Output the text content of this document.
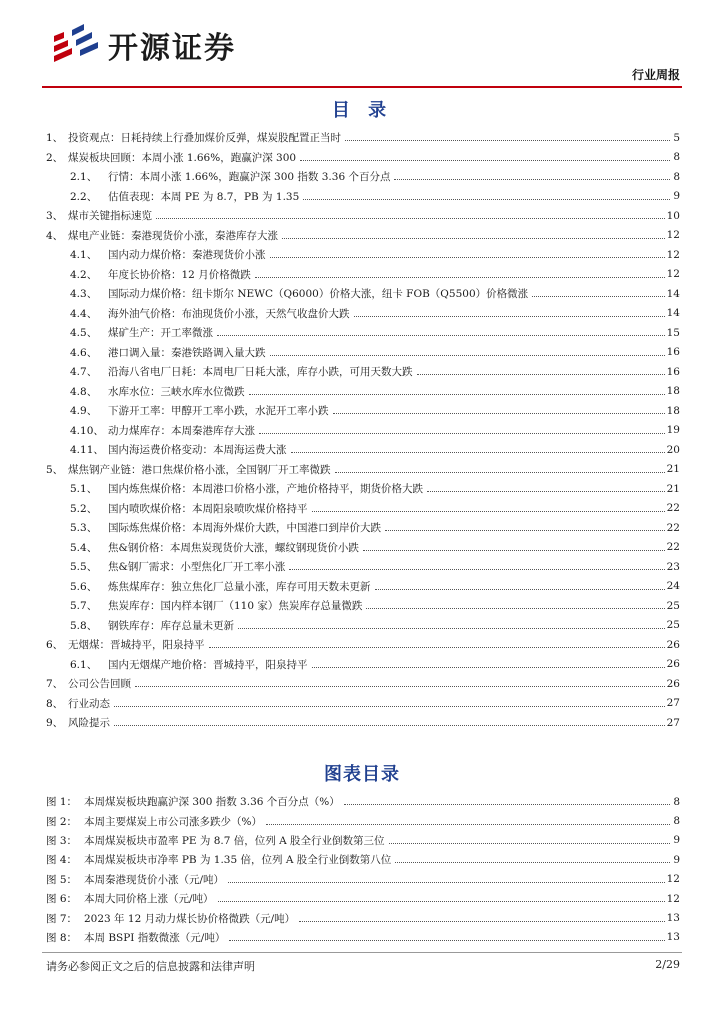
开源证券
行业周报
目 录
1、 投资观点：日耗持续上行叠加煤价反弹，煤炭股配置正当时	5
2、 煤炭板块回顾：本周小涨 1.66%，跑赢沪深 300	8
2.1、	行情：本周小涨 1.66%，跑赢沪深 300 指数 3.36 个百分点	8
2.2、	估值表现：本周 PE 为 8.7，PB 为 1.35	9
3、 煤市关键指标速览	10
4、 煤电产业链：秦港现货价小涨，秦港库存大涨	12
4.1、	国内动力煤价格：秦港现货价小涨	12
4.2、	年度长协价格：12 月价格微跌	12
4.3、	国际动力煤价格：纽卡斯尔 NEWC（Q6000）价格大涨，纽卡 FOB（Q5500）价格微涨	14
4.4、	海外油气价格：布油现货价小涨，天然气收盘价大跌	14
4.5、	煤矿生产：开工率微涨	15
4.6、	港口调入量：秦港铁路调入量大跌	16
4.7、	沿海八省电厂日耗：本周电厂日耗大涨，库存小跌，可用天数大跌	16
4.8、	水库水位：三峡水库水位微跌	18
4.9、	下游开工率：甲醇开工率小跌，水泥开工率小跌	18
4.10、 动力煤库存：本周秦港库存大涨	19
4.11、 国内海运费价格变动：本周海运费大涨	20
5、 煤焦钢产业链：港口焦煤价格小涨，全国钢厂开工率微跌	21
5.1、	国内炼焦煤价格：本周港口价格小涨，产地价格持平，期货价格大跌	21
5.2、	国内喷吹煤价格：本周阳泉喷吹煤价格持平	22
5.3、	国际炼焦煤价格：本周海外煤价大跌，中国港口到岸价大跌	22
5.4、	焦&钢价格：本周焦炭现货价大涨，螺纹钢现货价小跌	22
5.5、	焦&钢厂需求：小型焦化厂开工率小涨	23
5.6、	炼焦煤库存：独立焦化厂总量小涨，库存可用天数未更新	24
5.7、	焦炭库存：国内样本钢厂（110 家）焦炭库存总量微跌	25
5.8、	钢铁库存：库存总量未更新	25
6、 无烟煤：晋城持平，阳泉持平	26
6.1、	国内无烟煤产地价格：晋城持平，阳泉持平	26
7、 公司公告回顾	26
8、 行业动态	27
9、 风险提示	27
图表目录
图 1： 本周煤炭板块跑赢沪深 300 指数 3.36 个百分点（%）	8
图 2： 本周主要煤炭上市公司涨多跌少（%）	8
图 3： 本周煤炭板块市盈率 PE 为 8.7 倍，位列 A 股全行业倒数第三位	9
图 4： 本周煤炭板块市净率 PB 为 1.35 倍，位列 A 股全行业倒数第八位	9
图 5： 本周秦港现货价小涨（元/吨）	12
图 6： 本周大同价格上涨（元/吨）	12
图 7： 2023 年 12 月动力煤长协价格微跌（元/吨）	13
图 8： 本周 BSPI 指数微涨（元/吨）	13
请务必参阅正文之后的信息披露和法律声明	2/29
